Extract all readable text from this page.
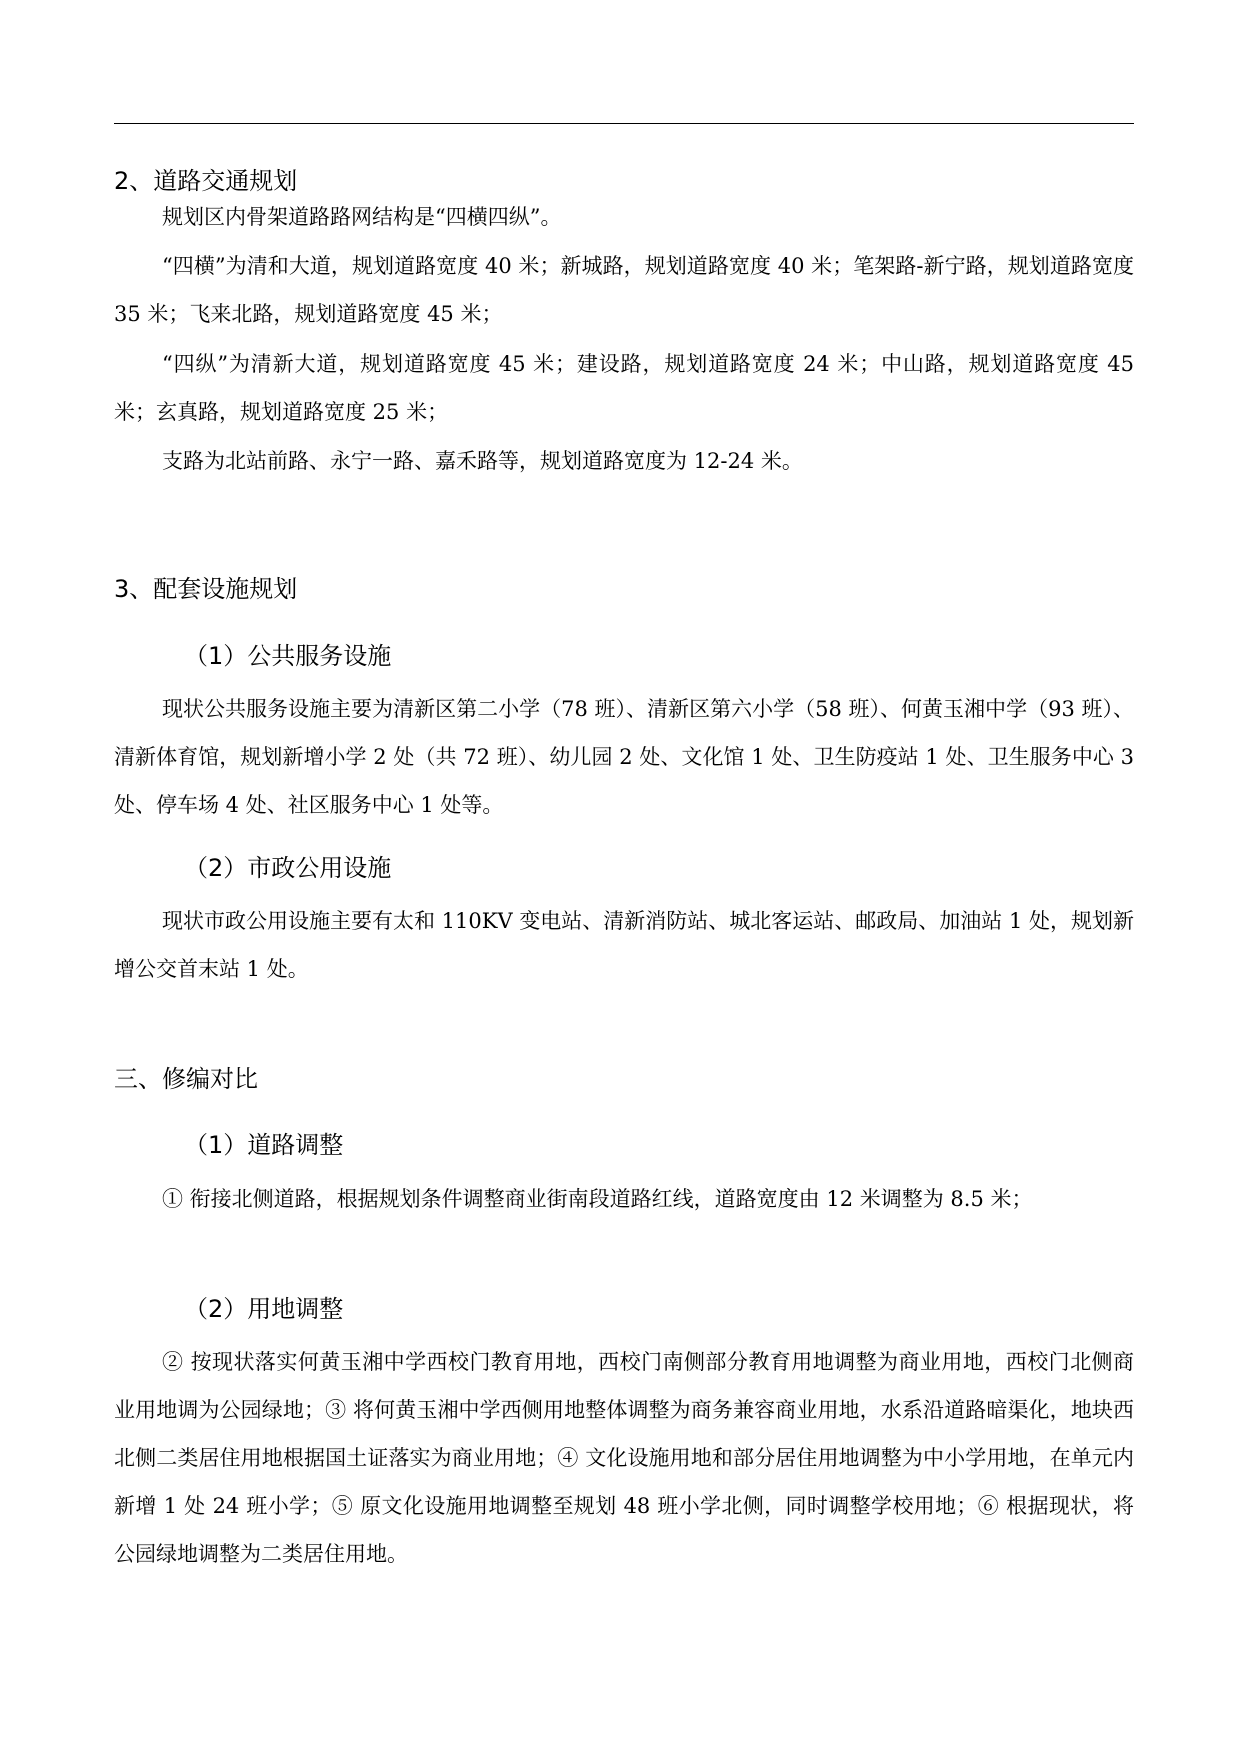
2、道路交通规划

规划区内骨架道路路网结构是“四横四纵”。

“四横”为清和大道，规划道路宽度 40 米；新城路，规划道路宽度 40 米；笔架路-新宁路，规划道路宽度 35 米；飞来北路，规划道路宽度 45 米；

“四纵”为清新大道，规划道路宽度 45 米；建设路，规划道路宽度 24 米；中山路，规划道路宽度 45 米；玄真路，规划道路宽度 25 米；

支路为北站前路、永宁一路、嘉禾路等，规划道路宽度为 12-24 米。

3、配套设施规划
（1）公共服务设施

现状公共服务设施主要为清新区第二小学（78 班）、清新区第六小学（58 班）、何黄玉湘中学（93 班）、清新体育馆，规划新增小学 2 处（共 72 班）、幼儿园 2 处、文化馆 1 处、卫生防疫站 1 处、卫生服务中心 3 处、停车场 4 处、社区服务中心 1 处等。

（2）市政公用设施

现状市政公用设施主要有太和 110KV 变电站、清新消防站、城北客运站、邮政局、加油站 1 处，规划新增公交首末站 1 处。

三、修编对比
（1）道路调整

① 衔接北侧道路，根据规划条件调整商业街南段道路红线，道路宽度由 12 米调整为 8.5 米；

（2）用地调整

② 按现状落实何黄玉湘中学西校门教育用地，西校门南侧部分教育用地调整为商业用地，西校门北侧商业用地调为公园绿地；③ 将何黄玉湘中学西侧用地整体调整为商务兼容商业用地，水系沿道路暗渠化，地块西北侧二类居住用地根据国土证落实为商业用地；④ 文化设施用地和部分居住用地调整为中小学用地，在单元内新增 1 处 24 班小学；⑤ 原文化设施用地调整至规划 48 班小学北侧，同时调整学校用地；⑥ 根据现状，将公园绿地调整为二类居住用地。
